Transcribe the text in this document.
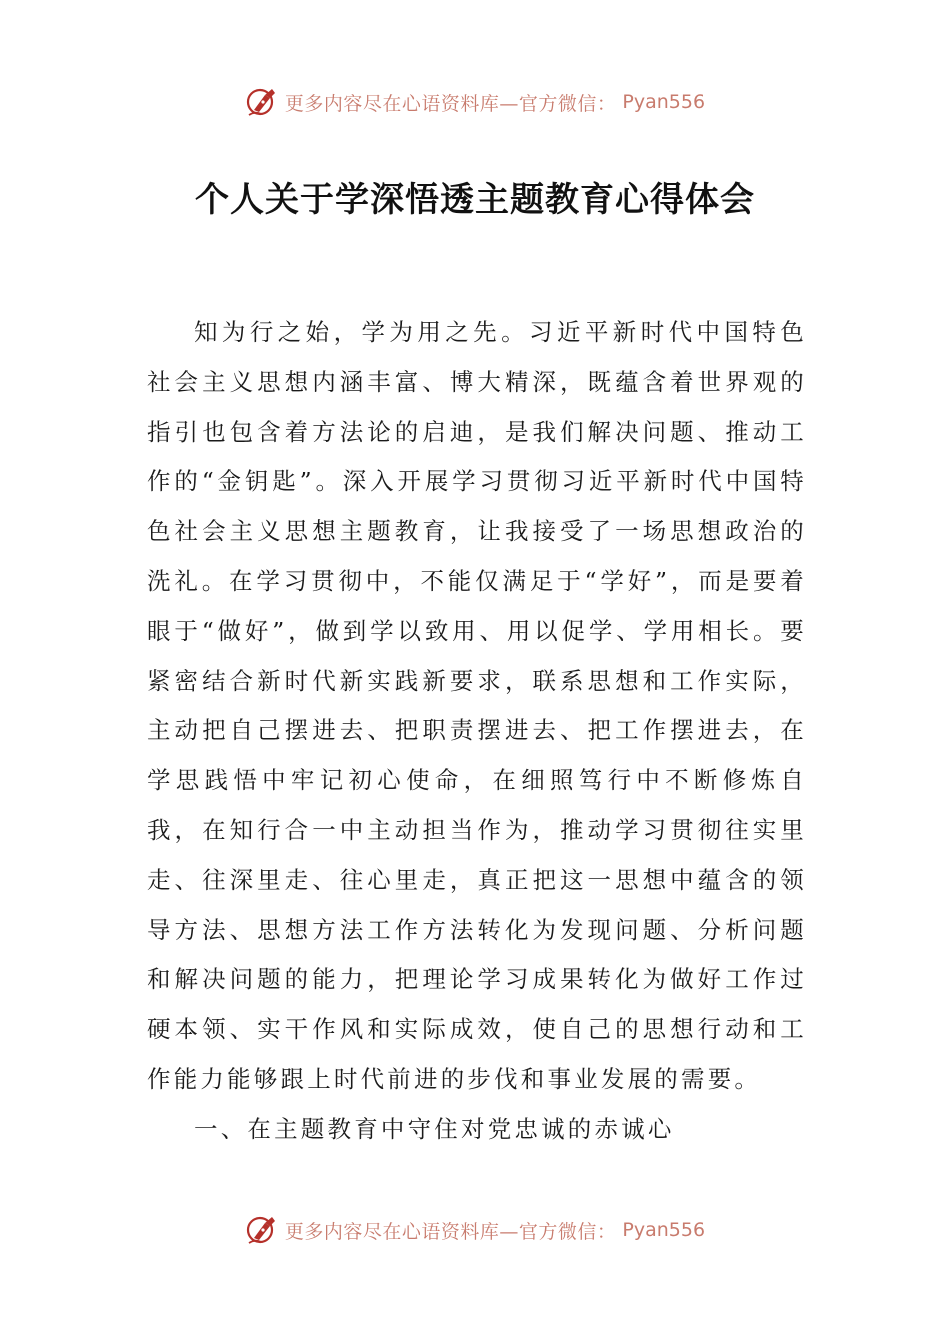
更多内容尽在心语资料库—官方微信： Pyan556
个人关于学深悟透主题教育心得体会

知为行之始，学为用之先。习近平新时代中国特色社会主义思想内涵丰富、博大精深，既蕴含着世界观的指引也包含着方法论的启迪，是我们解决问题、推动工作的“金钥匙”。深入开展学习贯彻习近平新时代中国特色社会主义思想主题教育，让我接受了一场思想政治的洗礼。在学习贯彻中，不能仅满足于“学好”，而是要着眼于“做好”，做到学以致用、用以促学、学用相长。要紧密结合新时代新实践新要求，联系思想和工作实际，主动把自己摆进去、把职责摆进去、把工作摆进去，在学思践悟中牢记初心使命，在细照笃行中不断修炼自我，在知行合一中主动担当作为，推动学习贯彻往实里走、往深里走、往心里走，真正把这一思想中蕴含的领导方法、思想方法工作方法转化为发现问题、分析问题和解决问题的能力，把理论学习成果转化为做好工作过硬本领、实干作风和实际成效，使自己的思想行动和工作能力能够跟上时代前进的步伐和事业发展的需要。

一、在主题教育中守住对党忠诚的赤诚心

更多内容尽在心语资料库—官方微信： Pyan556
